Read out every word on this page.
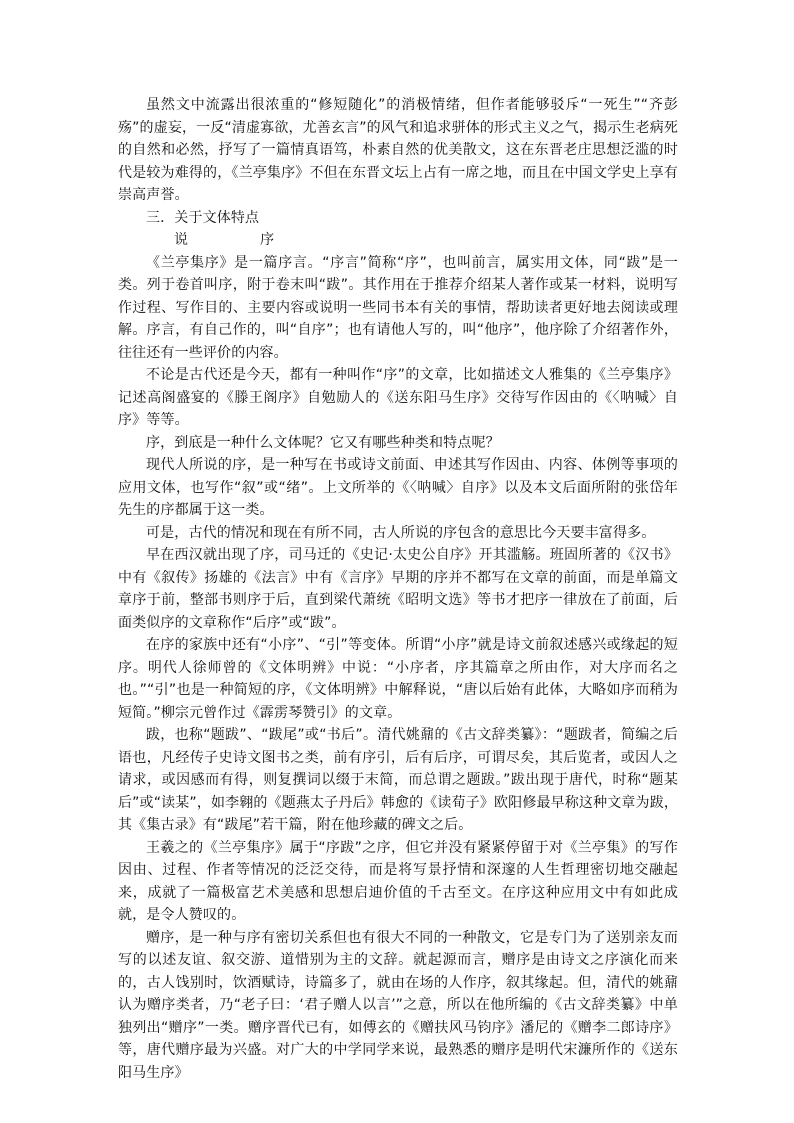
虽然文中流露出很浓重的“修短随化”的消极情绪，但作者能够驳斥“一死生”“齐彭殇”的虚妄，一反“清虚寡欲，尤善玄言”的风气和追求骈体的形式主义之气，揭示生老病死的自然和必然，抒写了一篇情真语笃，朴素自然的优美散文，这在东晋老庄思想泛滥的时代是较为难得的，《兰亭集序》不但在东晋文坛上占有一席之地，而且在中国文学史上享有崇高声誉。

三．关于文体特点

说	序

《兰亭集序》是一篇序言。“序言”简称“序”，也叫前言，属实用文体，同“跋”是一类。列于卷首叫序，附于卷末叫“跋”。其作用在于推荐介绍某人著作或某一材料，说明写作过程、写作目的、主要内容或说明一些同书本有关的事情，帮助读者更好地去阅读或理解。序言，有自己作的，叫“自序”；也有请他人写的，叫“他序”，他序除了介绍著作外，往往还有一些评价的内容。

不论是古代还是今天，都有一种叫作“序”的文章，比如描述文人雅集的《兰亭集序》记述高阁盛宴的《滕王阁序》自勉励人的《送东阳马生序》交待写作因由的《〈呐喊〉自序》等等。

序，到底是一种什么文体呢？它又有哪些种类和特点呢？

现代人所说的序，是一种写在书或诗文前面、申述其写作因由、内容、体例等事项的应用文体，也写作“叙”或“绪”。上文所举的《〈呐喊〉自序》以及本文后面所附的张岱年先生的序都属于这一类。

可是，古代的情况和现在有所不同，古人所说的序包含的意思比今天要丰富得多。

早在西汉就出现了序，司马迁的《史记·太史公自序》开其滥觞。班固所著的《汉书》中有《叙传》扬雄的《法言》中有《言序》早期的序并不都写在文章的前面，而是单篇文章序于前，整部书则序于后，直到梁代萧统《昭明文选》等书才把序一律放在了前面，后面类似序的文章称作“后序”或“跋”。

在序的家族中还有“小序”、“引”等变体。所谓“小序”就是诗文前叙述感兴或缘起的短序。明代人徐师曾的《文体明辨》中说：“小序者，序其篇章之所由作，对大序而名之也。”“引”也是一种简短的序，《文体明辨》中解释说，“唐以后始有此体，大略如序而稍为短简。”柳宗元曾作过《霹雳琴赞引》的文章。

跋，也称“题跋”、“跋尾”或“书后”。清代姚鼐的《古文辞类纂》：“题跋者，简编之后语也，凡经传子史诗文图书之类，前有序引，后有后序，可谓尽矣，其后览者，或因人之请求，或因感而有得，则复撰词以缀于末简，而总谓之题跋。”跋出现于唐代，时称“题某后”或“读某”，如李翱的《题燕太子丹后》韩愈的《读荀子》欧阳修最早称这种文章为跋，其《集古录》有“跋尾”若干篇，附在他珍藏的碑文之后。

王羲之的《兰亭集序》属于“序跋”之序，但它并没有紧紧停留于对《兰亭集》的写作因由、过程、作者等情况的泛泛交待，而是将写景抒情和深邃的人生哲理密切地交融起来，成就了一篇极富艺术美感和思想启迪价值的千古至文。在序这种应用文中有如此成就，是令人赞叹的。

赠序，是一种与序有密切关系但也有很大不同的一种散文，它是专门为了送别亲友而写的以述友谊、叙交游、道惜别为主的文辞。就起源而言，赠序是由诗文之序演化而来的，古人饯别时，饮酒赋诗，诗篇多了，就由在场的人作序，叙其缘起。但，清代的姚鼐认为赠序类者，乃“老子曰：‘君子赠人以言’”之意，所以在他所编的《古文辞类纂》中单独列出“赠序”一类。赠序晋代已有，如傅玄的《赠扶风马钧序》潘尼的《赠李二郎诗序》等，唐代赠序最为兴盛。对广大的中学同学来说，最熟悉的赠序是明代宋濂所作的《送东阳马生序》
